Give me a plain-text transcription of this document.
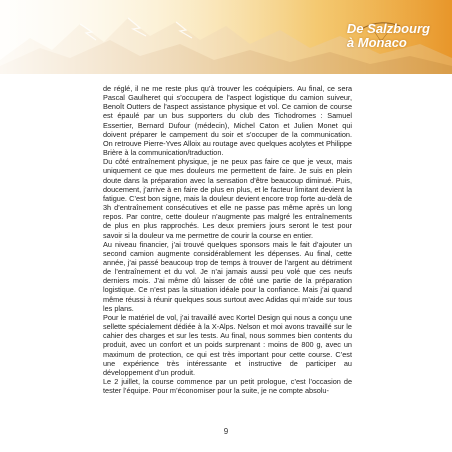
De Salzbourg
à Monaco

de réglé, il ne me reste plus qu’à trouver les coéquipiers. Au final, ce sera Pascal Gaulheret qui s’occupera de l’aspect logistique du camion suiveur, Benoît Outters de l’aspect assistance physique et vol. Ce camion de course est épaulé par un bus supporters du club des Tichodromes : Samuel Essertier, Bernard Dufour (médecin), Michel Caton et Julien Monet qui doivent préparer le campement du soir et s’occuper de la communication. On retrouve Pierre-Yves Alloix au routage avec quelques acolytes et Philippe Brière à la communication/traduction.

Du côté entraînement physique, je ne peux pas faire ce que je veux, mais uniquement ce que mes douleurs me permettent de faire. Je suis en plein doute dans la préparation avec la sensation d’être beaucoup diminué. Puis, doucement, j’arrive à en faire de plus en plus, et le facteur limitant devient la fatigue. C’est bon signe, mais la douleur devient encore trop forte au-delà de 3h d’entraînement consécutives et elle ne passe pas même après un long repos. Par contre, cette douleur n’augmente pas malgré les entraînements de plus en plus rapprochés. Les deux premiers jours seront le test pour savoir si la douleur va me permettre de courir la course en entier.

Au niveau financier, j’ai trouvé quelques sponsors mais le fait d’ajouter un second camion augmente considérablement les dépenses. Au final, cette année, j’ai passé beaucoup trop de temps à trouver de l’argent au détriment de l’entraînement et du vol. Je n’ai jamais aussi peu volé que ces neufs derniers mois. J’ai même dû laisser de côté une partie de la préparation logistique. Ce n’est pas la situation idéale pour la confiance. Mais j’ai quand même réussi à réunir quelques sous surtout avec Adidas qui m’aide sur tous les plans.

Pour le matériel de vol, j’ai travaillé avec Kortel Design qui nous a conçu une sellette spécialement dédiée à la X-Alps. Nelson et moi avons travaillé sur le cahier des charges et sur les tests. Au final, nous sommes bien contents du produit, avec un confort et un poids surprenant : moins de 800 g, avec un maximum de protection, ce qui est très important pour cette course. C’est une expérience très intéressante et instructive de participer au développement d’un produit.

Le 2 juillet, la course commence par un petit prologue, c’est l’occasion de tester l’équipe. Pour m’économiser pour la suite, je ne compte absolu-

9
